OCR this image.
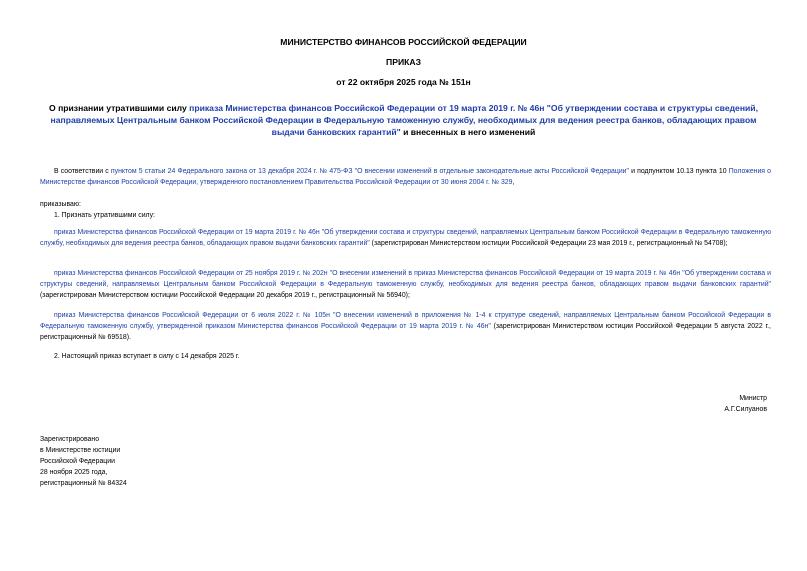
МИНИСТЕРСТВО ФИНАНСОВ РОССИЙСКОЙ ФЕДЕРАЦИИ
ПРИКАЗ
от 22 октября 2025 года № 151н
О признании утратившими силу приказа Министерства финансов Российской Федерации от 19 марта 2019 г. № 46н "Об утверждении состава и структуры сведений, направляемых Центральным банком Российской Федерации в Федеральную таможенную службу, необходимых для ведения реестра банков, обладающих правом выдачи банковских гарантий" и внесенных в него изменений
В соответствии с пунктом 5 статьи 24 Федерального закона от 13 декабря 2024 г. № 475-ФЗ "О внесении изменений в отдельные законодательные акты Российской Федерации" и подпунктом 10.13 пункта 10 Положения о Министерстве финансов Российской Федерации, утвержденного постановлением Правительства Российской Федерации от 30 июня 2004 г. № 329,
приказываю:
1. Признать утратившими силу:
приказ Министерства финансов Российской Федерации от 19 марта 2019 г. № 46н "Об утверждении состава и структуры сведений, направляемых Центральным банком Российской Федерации в Федеральную таможенную службу, необходимых для ведения реестра банков, обладающих правом выдачи банковских гарантий" (зарегистрирован Министерством юстиции Российской Федерации 23 мая 2019 г., регистрационный № 54708);
приказ Министерства финансов Российской Федерации от 25 ноября 2019 г. № 202н "О внесении изменений в приказ Министерства финансов Российской Федерации от 19 марта 2019 г. № 46н "Об утверждении состава и структуры сведений, направляемых Центральным банком Российской Федерации в Федеральную таможенную службу, необходимых для ведения реестра банков, обладающих правом выдачи банковских гарантий" (зарегистрирован Министерством юстиции Российской Федерации 20 декабря 2019 г., регистрационный № 56940);
приказ Министерства финансов Российской Федерации от 6 июля 2022 г. № 105н "О внесении изменений в приложения № 1-4 к структуре сведений, направляемых Центральным банком Российской Федерации в Федеральную таможенную службу, утвержденной приказом Министерства финансов Российской Федерации от 19 марта 2019 г. № 46н" (зарегистрирован Министерством юстиции Российской Федерации 5 августа 2022 г., регистрационный № 69518).
2. Настоящий приказ вступает в силу с 14 декабря 2025 г.
Министр
А.Г.Силуанов
Зарегистрировано
в Министерстве юстиции
Российской Федерации
28 ноября 2025 года,
регистрационный № 84324
